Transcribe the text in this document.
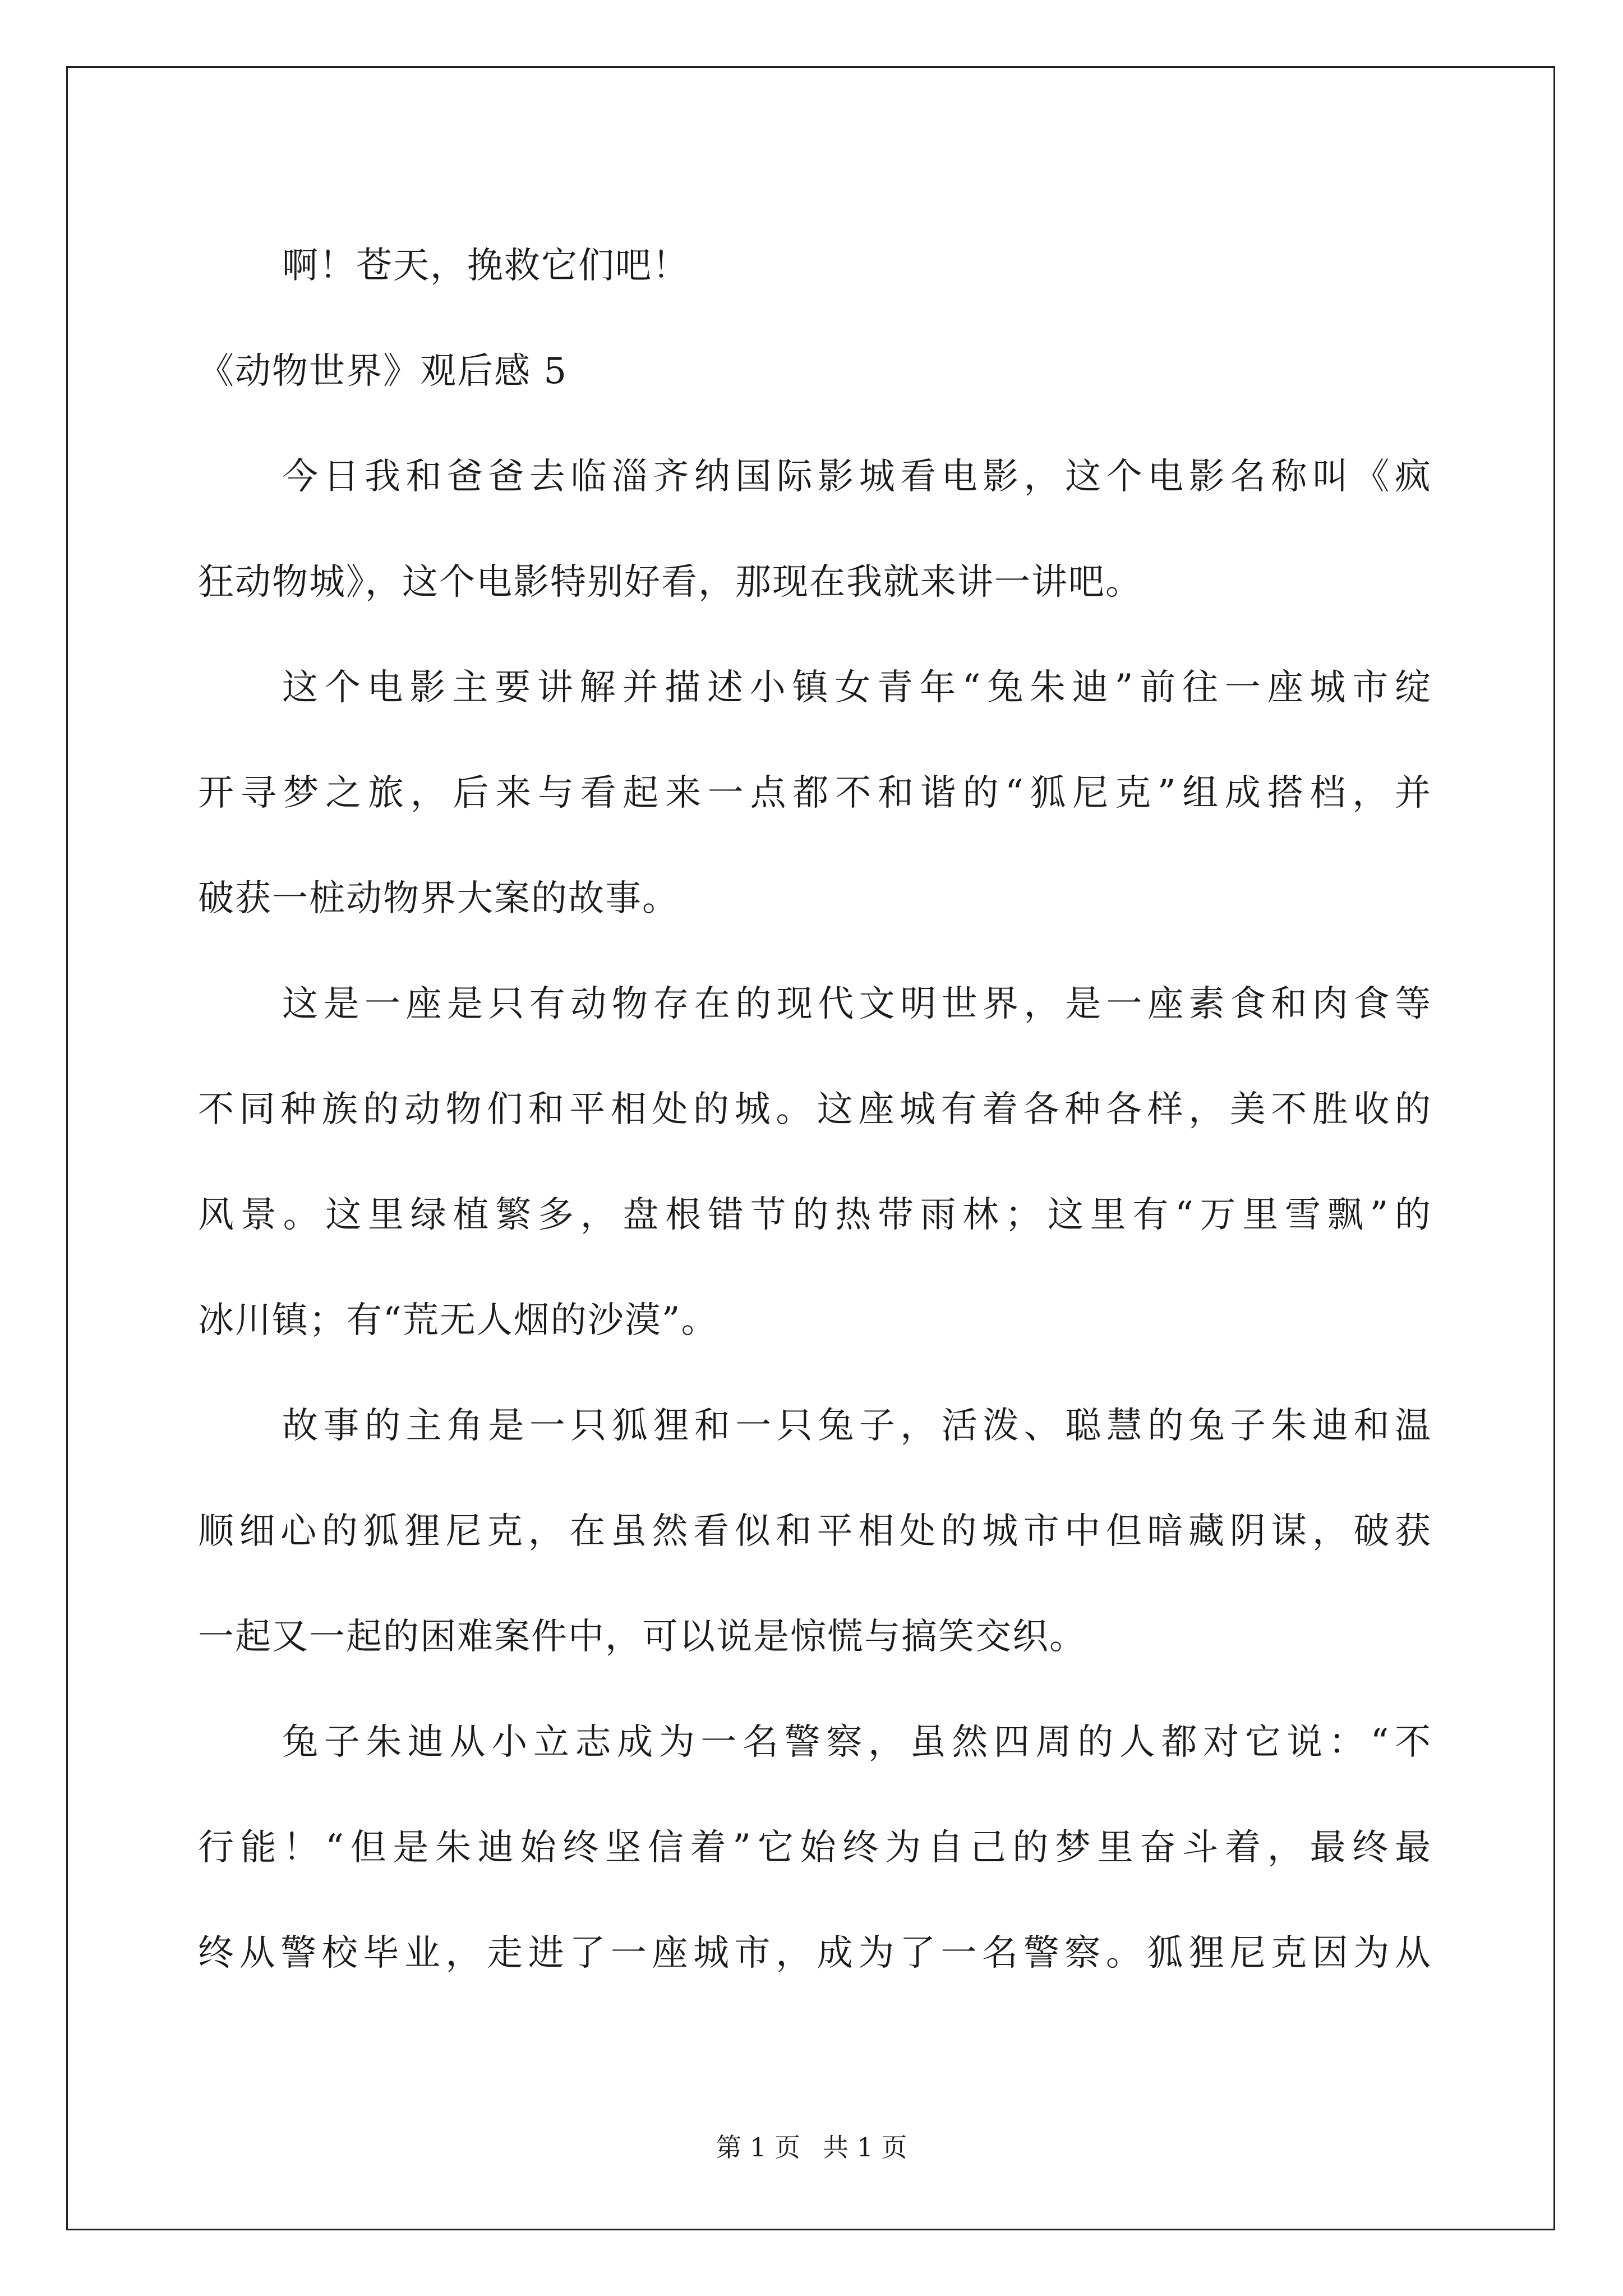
啊！苍天，挽救它们吧！
《动物世界》观后感 5
今日我和爸爸去临淄齐纳国际影城看电影，这个电影名称叫《疯
狂动物城》，这个电影特别好看，那现在我就来讲一讲吧。
这个电影主要讲解并描述小镇女青年“兔朱迪”前往一座城市绽
开寻梦之旅，后来与看起来一点都不和谐的“狐尼克”组成搭档，并
破获一桩动物界大案的故事。
这是一座是只有动物存在的现代文明世界，是一座素食和肉食等
不同种族的动物们和平相处的城。这座城有着各种各样，美不胜收的
风景。这里绿植繁多，盘根错节的热带雨林；这里有“万里雪飘”的
冰川镇；有“荒无人烟的沙漠”。
故事的主角是一只狐狸和一只兔子，活泼、聪慧的兔子朱迪和温
顺细心的狐狸尼克，在虽然看似和平相处的城市中但暗藏阴谋，破获
一起又一起的困难案件中，可以说是惊慌与搞笑交织。
兔子朱迪从小立志成为一名警察，虽然四周的人都对它说：“不
行能！“但是朱迪始终坚信着”它始终为自己的梦里奋斗着，最终最
终从警校毕业，走进了一座城市，成为了一名警察。狐狸尼克因为从
第 1 页 共 1 页
